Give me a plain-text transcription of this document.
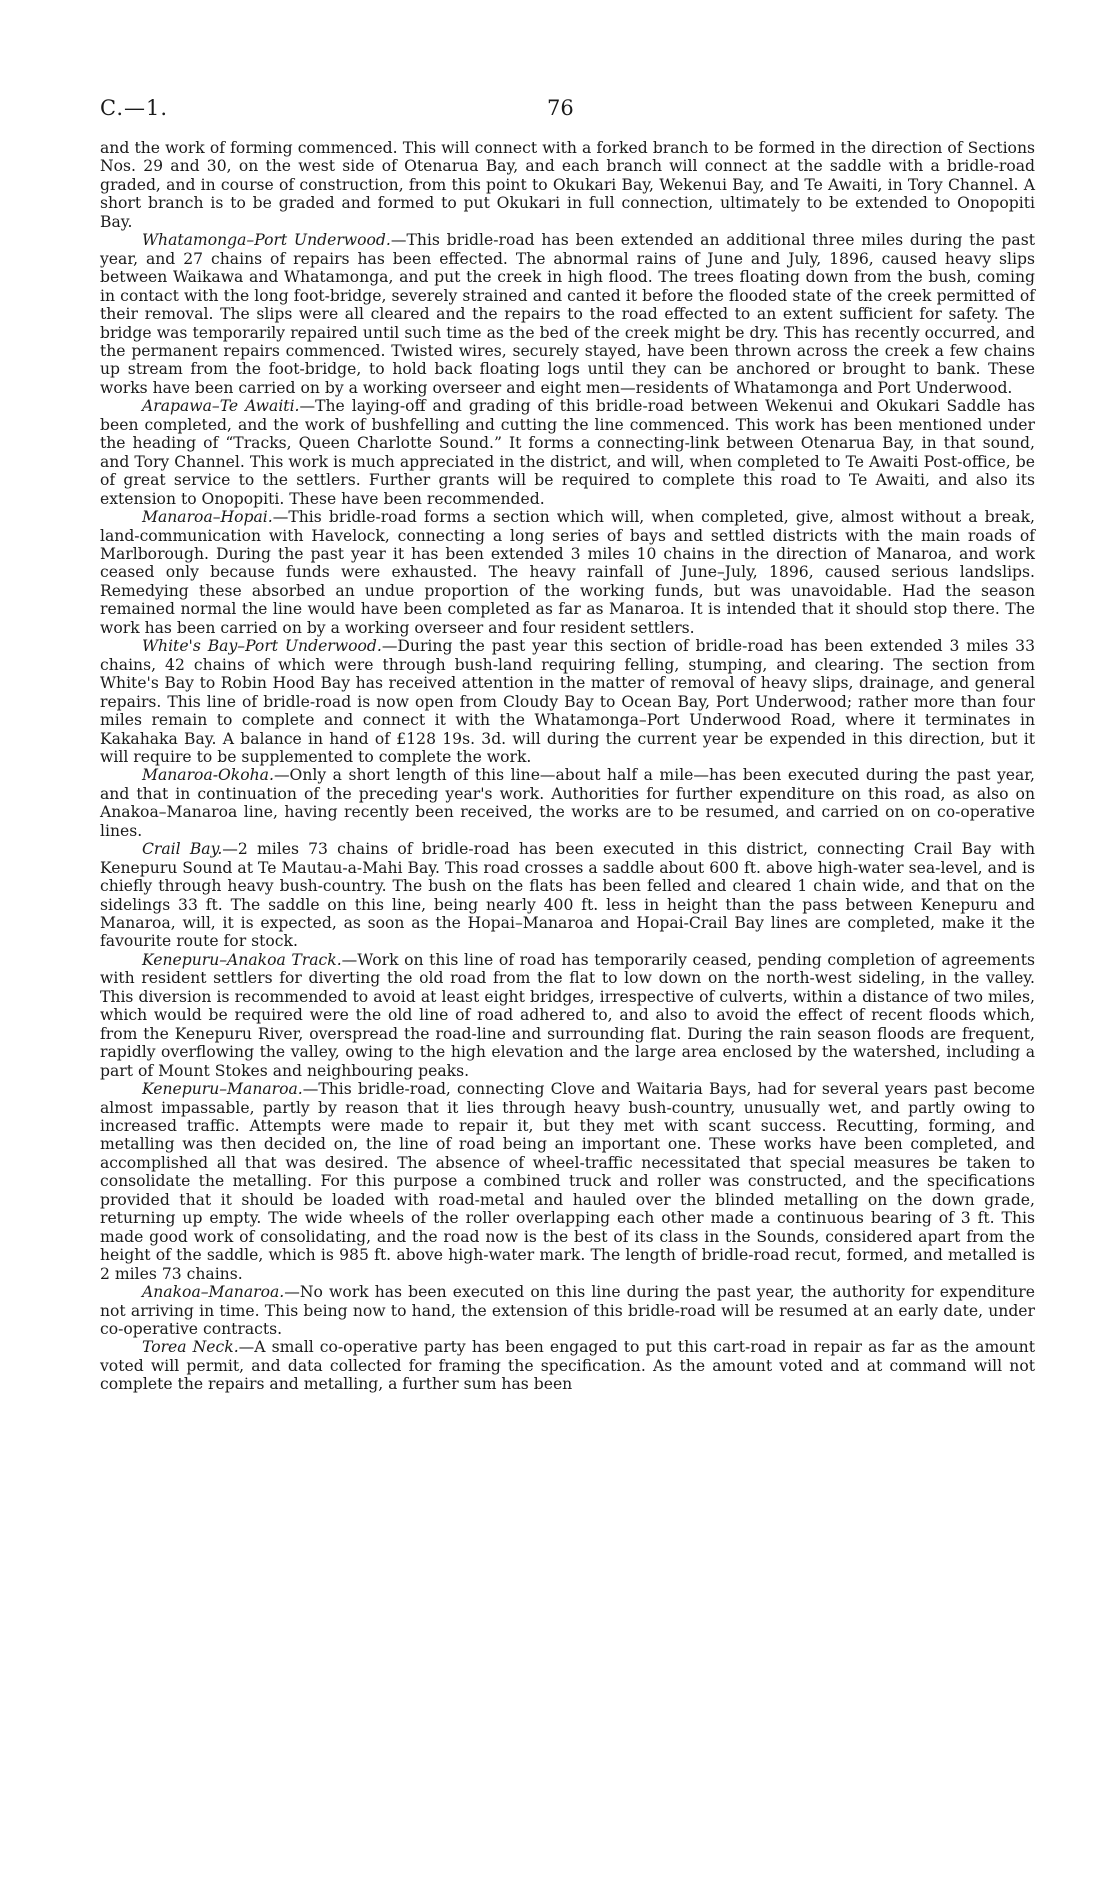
C.—1.	76

and the work of forming commenced. This will connect with a forked branch to be formed in the direction of Sections Nos. 29 and 30, on the west side of Otenarua Bay, and each branch will connect at the saddle with a bridle-road graded, and in course of construction, from this point to Okukari Bay, Wekenui Bay, and Te Awaiti, in Tory Channel. A short branch is to be graded and formed to put Okukari in full connection, ultimately to be extended to Onopopiti Bay.

Whatamonga–Port Underwood.—This bridle-road has been extended an additional three miles during the past year, and 27 chains of repairs has been effected. The abnormal rains of June and July, 1896, caused heavy slips between Waikawa and Whatamonga, and put the creek in high flood. The trees floating down from the bush, coming in contact with the long foot-bridge, severely strained and canted it before the flooded state of the creek permitted of their removal. The slips were all cleared and the repairs to the road effected to an extent sufficient for safety. The bridge was temporarily repaired until such time as the bed of the creek might be dry. This has recently occurred, and the permanent repairs commenced. Twisted wires, securely stayed, have been thrown across the creek a few chains up stream from the foot-bridge, to hold back floating logs until they can be anchored or brought to bank. These works have been carried on by a working overseer and eight men—residents of Whatamonga and Port Underwood.

Arapawa–Te Awaiti.—The laying-off and grading of this bridle-road between Wekenui and Okukari Saddle has been completed, and the work of bushfelling and cutting the line commenced. This work has been mentioned under the heading of “Tracks, Queen Charlotte Sound.” It forms a connecting-link between Otenarua Bay, in that sound, and Tory Channel. This work is much appreciated in the district, and will, when completed to Te Awaiti Post-office, be of great service to the settlers. Further grants will be required to complete this road to Te Awaiti, and also its extension to Onopopiti. These have been recommended.

Manaroa–Hopai.—This bridle-road forms a section which will, when completed, give, almost without a break, land-communication with Havelock, connecting a long series of bays and settled districts with the main roads of Marlborough. During the past year it has been extended 3 miles 10 chains in the direction of Manaroa, and work ceased only because funds were exhausted. The heavy rainfall of June–July, 1896, caused serious landslips. Remedying these absorbed an undue proportion of the working funds, but was unavoidable. Had the season remained normal the line would have been completed as far as Manaroa. It is intended that it should stop there. The work has been carried on by a working overseer and four resident settlers.

White's Bay–Port Underwood.—During the past year this section of bridle-road has been extended 3 miles 33 chains, 42 chains of which were through bush-land requiring felling, stumping, and clearing. The section from White's Bay to Robin Hood Bay has received attention in the matter of removal of heavy slips, drainage, and general repairs. This line of bridle-road is now open from Cloudy Bay to Ocean Bay, Port Underwood; rather more than four miles remain to complete and connect it with the Whatamonga–Port Underwood Road, where it terminates in Kakahaka Bay. A balance in hand of £128 19s. 3d. will during the current year be expended in this direction, but it will require to be supplemented to complete the work.

Manaroa-Okoha.—Only a short length of this line—about half a mile—has been executed during the past year, and that in continuation of the preceding year's work. Authorities for further expenditure on this road, as also on Anakoa–Manaroa line, having recently been received, the works are to be resumed, and carried on on co-operative lines.

Crail Bay.—2 miles 73 chains of bridle-road has been executed in this district, connecting Crail Bay with Kenepuru Sound at Te Mautau-a-Mahi Bay. This road crosses a saddle about 600 ft. above high-water sea-level, and is chiefly through heavy bush-country. The bush on the flats has been felled and cleared 1 chain wide, and that on the sidelings 33 ft. The saddle on this line, being nearly 400 ft. less in height than the pass between Kenepuru and Manaroa, will, it is expected, as soon as the Hopai–Manaroa and Hopai-Crail Bay lines are completed, make it the favourite route for stock.

Kenepuru–Anakoa Track.—Work on this line of road has temporarily ceased, pending completion of agreements with resident settlers for diverting the old road from the flat to low down on the north-west sideling, in the valley. This diversion is recommended to avoid at least eight bridges, irrespective of culverts, within a distance of two miles, which would be required were the old line of road adhered to, and also to avoid the effect of recent floods which, from the Kenepuru River, overspread the road-line and surrounding flat. During the rain season floods are frequent, rapidly overflowing the valley, owing to the high elevation and the large area enclosed by the watershed, including a part of Mount Stokes and neighbouring peaks.

Kenepuru–Manaroa.—This bridle-road, connecting Clove and Waitaria Bays, had for several years past become almost impassable, partly by reason that it lies through heavy bush-country, unusually wet, and partly owing to increased traffic. Attempts were made to repair it, but they met with scant success. Recutting, forming, and metalling was then decided on, the line of road being an important one. These works have been completed, and accomplished all that was desired. The absence of wheel-traffic necessitated that special measures be taken to consolidate the metalling. For this purpose a combined truck and roller was constructed, and the specifications provided that it should be loaded with road-metal and hauled over the blinded metalling on the down grade, returning up empty. The wide wheels of the roller overlapping each other made a continuous bearing of 3 ft. This made good work of consolidating, and the road now is the best of its class in the Sounds, considered apart from the height of the saddle, which is 985 ft. above high-water mark. The length of bridle-road recut, formed, and metalled is 2 miles 73 chains.

Anakoa–Manaroa.—No work has been executed on this line during the past year, the authority for expenditure not arriving in time. This being now to hand, the extension of this bridle-road will be resumed at an early date, under co-operative contracts.

Torea Neck.—A small co-operative party has been engaged to put this cart-road in repair as far as the amount voted will permit, and data collected for framing the specification. As the amount voted and at command will not complete the repairs and metalling, a further sum has been
